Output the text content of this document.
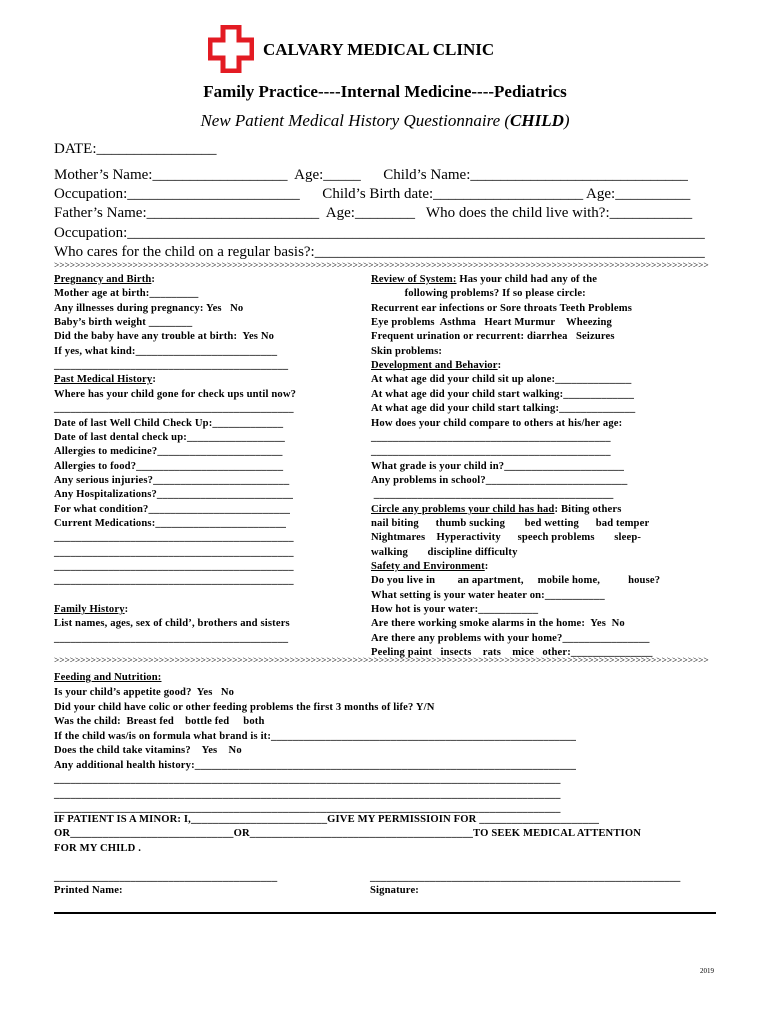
CALVARY MEDICAL CLINIC
Family Practice----Internal Medicine----Pediatrics
New Patient Medical History Questionnaire (CHILD)
DATE:________________
Mother’s Name:__________________  Age:_____      Child’s Name:_____________________________
Occupation:_______________________      Child’s Birth date:____________________ Age:__________
Father’s Name:_______________________  Age:________   Who does the child live with?:___________
Occupation:_____________________________________________________________________________
Who cares for the child on a regular basis?:____________________________________________________
>>>>>>>>>>>>>>>>>>>>>>>>>>>>>>>>>>>>>>>>>>>>>>>>>>>>>>>>>>>>>>>>>>>>>>>>>>>>>>>>>>>>>>>>>>>>>>>>>>>>>>>>>>>>>>>>>>>>>>>>>>>>>
Pregnancy and Birth:
Mother age at birth:_________
Any illnesses during pregnancy: Yes   No
Baby’s birth weight ________
Did the baby have any trouble at birth:  Yes No
If yes, what kind:__________________________
___________________________________________
Past Medical History:
Where has your child gone for check ups until now?
____________________________________________
Date of last Well Child Check Up:_____________
Date of last dental check up:__________________
Allergies to medicine?_______________________
Allergies to food?___________________________
Any serious injuries?_________________________
Any Hospitalizations?_________________________
For what condition?__________________________
Current Medications:________________________
____________________________________________
____________________________________________
____________________________________________
____________________________________________
Family History:
List names, ages, sex of child’, brothers and sisters
___________________________________________
Review of System: Has your child had any of the
following problems? If so please circle:
Recurrent ear infections or Sore throats Teeth Problems
Eye problems  Asthma   Heart Murmur    Wheezing
Frequent urination or recurrent: diarrhea   Seizures
Skin problems:
Development and Behavior:
At what age did your child sit up alone:______________
At what age did your child start walking:_____________
At what age did your child start talking:______________
How does your child compare to others at his/her age:
____________________________________________
____________________________________________
What grade is your child in?______________________
Any problems in school?__________________________
____________________________________________
Circle any problems your child has had: Biting others
nail biting      thumb sucking       bed wetting      bad temper
Nightmares    Hyperactivity      speech problems       sleep-
walking       discipline difficulty
Safety and Environment:
Do you live in        an apartment,     mobile home,          house?
What setting is your water heater on:___________
How hot is your water:___________
Are there working smoke alarms in the home:  Yes  No
Are there any problems with your home?________________
Peeling paint   insects    rats    mice   other:_______________
>>>>>>>>>>>>>>>>>>>>>>>>>>>>>>>>>>>>>>>>>>>>>>>>>>>>>>>>>>>>>>>>>>>>>>>>>>>>>>>>>>>>>>>>>>>>>>>>>>>>>>>>>>>>>>>>>>>>>>>>>>>>>
Feeding and Nutrition:
Is your child’s appetite good?  Yes   No
Did your child have colic or other feeding problems the first 3 months of life? Y/N
Was the child:  Breast fed    bottle fed     both
If the child was/is on formula what brand is it:________________________________________________________
Does the child take vitamins?    Yes    No
Any additional health history:______________________________________________________________________
_____________________________________________________________________________________________
_____________________________________________________________________________________________
_____________________________________________________________________________________________
IF PATIENT IS A MINOR: I,_________________________GIVE MY PERMISSIOIN FOR ______________________
OR______________________________OR_________________________________________TO SEEK MEDICAL ATTENTION
FOR MY CHILD .
_________________________________________	_________________________________________________________
Printed Name:	Signature:
2019
